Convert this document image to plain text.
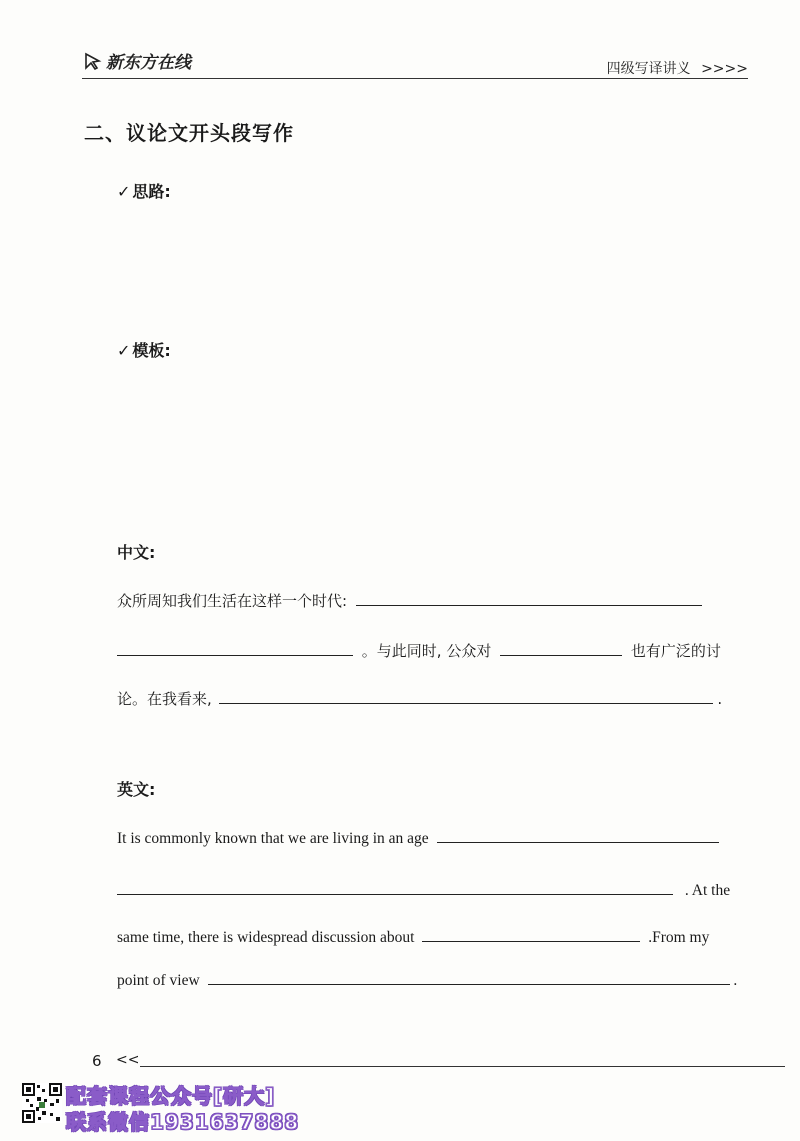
新东方在线	四级写译讲义 >>>>
二、议论文开头段写作
✓ 思路:
✓ 模板:
中文:
众所周知我们生活在这样一个时代:
。与此同时, 公众对	也有广泛的讨
论。在我看来,	.
英文:
It is commonly known that we are living in an age
. At the
same time, there is widespread discussion about	.From my
point of view	.
6 <<
配套课程公众号[研大]
联系微信1931637888
